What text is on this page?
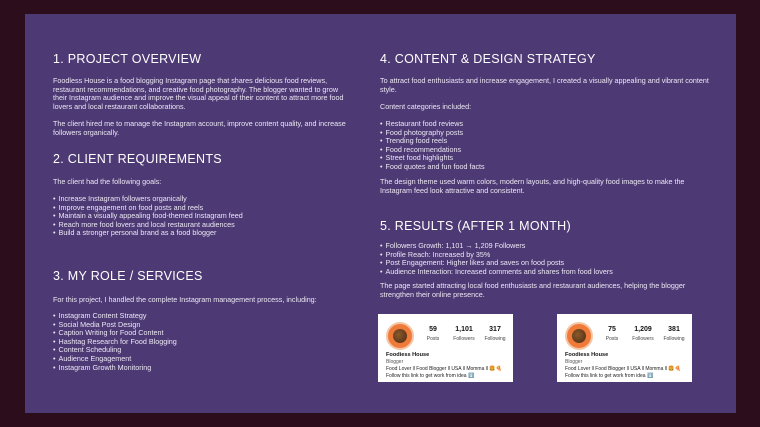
1. PROJECT OVERVIEW

Foodless House is a food blogging Instagram page that shares delicious food reviews, restaurant recommendations, and creative food photography. The blogger wanted to grow their Instagram audience and improve the visual appeal of their content to attract more food lovers and local restaurant collaborations.

The client hired me to manage the Instagram account, improve content quality, and increase followers organically.

2. CLIENT REQUIREMENTS

The client had the following goals:

• Increase Instagram followers organically
• Improve engagement on food posts and reels
• Maintain a visually appealing food-themed Instagram feed
• Reach more food lovers and local restaurant audiences
• Build a stronger personal brand as a food blogger
3. MY ROLE / SERVICES

For this project, I handled the complete Instagram management process, including:

• Instagram Content Strategy
• Social Media Post Design
• Caption Writing for Food Content
• Hashtag Research for Food Blogging
• Content Scheduling
• Audience Engagement
• Instagram Growth Monitoring
4. CONTENT & DESIGN STRATEGY

To attract food enthusiasts and increase engagement, I created a visually appealing and vibrant content style.

Content categories included:

• Restaurant food reviews
• Food photography posts
• Trending food reels
• Food recommendations
• Street food highlights
• Food quotes and fun food facts

The design theme used warm colors, modern layouts, and high-quality food images to make the Instagram feed look attractive and consistent.

5. RESULTS (AFTER 1 MONTH)
• Followers Growth: 1,101 → 1,209 Followers
• Profile Reach: Increased by 35%
• Post Engagement: Higher likes and saves on food posts
• Audience Interaction: Increased comments and shares from food lovers

The page started attracting local food enthusiasts and restaurant audiences, helping the blogger strengthen their online presence.

59
Posts
1,101
Followers
317
Following
Foodiess House
Blogger
Food Lover ll Food Blogger ll USA ll Momma ll 🍔🍕
Follow this link to get work from idea ⬇️
75
Posts
1,209
Followers
381
Following
Foodiess House
Blogger
Food Lover ll Food Blogger ll USA ll Momma ll 🍔🍕
Follow this link to get work from idea ⬇️
